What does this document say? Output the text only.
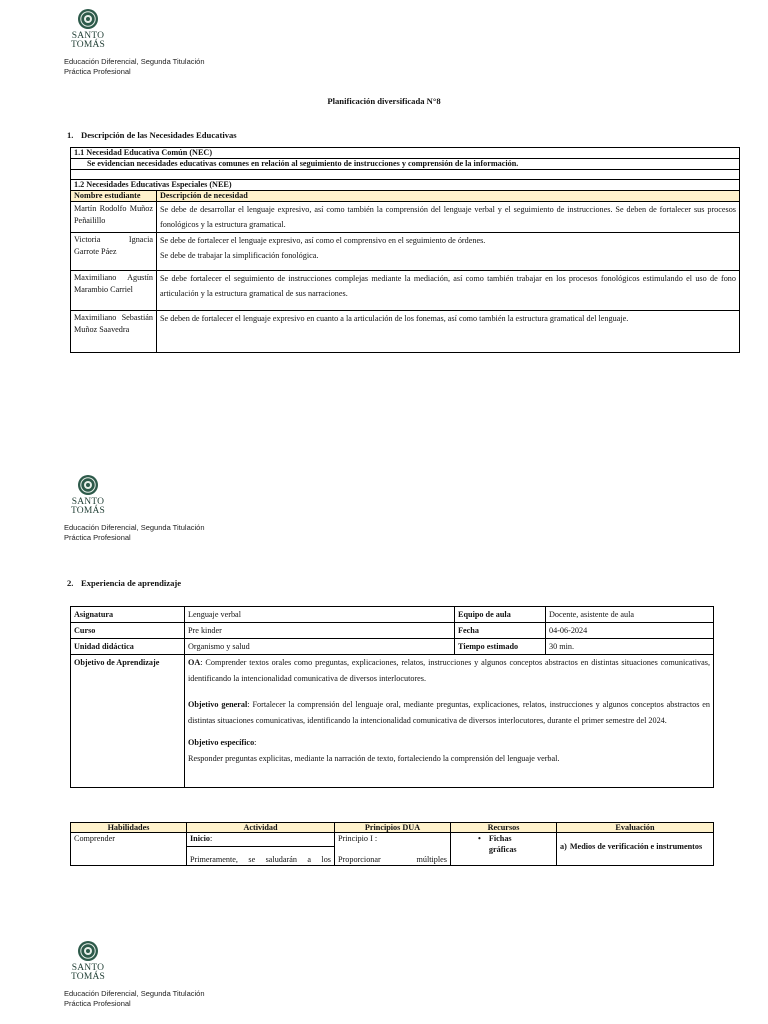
SANTO
TOMÁS
Educación Diferencial, Segunda Titulación
Práctica Profesional
Planificación diversificada N°8
1. Descripción de las Necesidades Educativas
1.1 Necesidad Educativa Común (NEC)	
Se evidencian necesidades educativas comunes en relación al seguimiento de instrucciones y comprensión de la información.	

1.2 Necesidades Educativas Especiales (NEE)	
Nombre estudiante	Descripción de necesidad
Martín Rodolfo Muñoz Peñailillo	Se debe de desarrollar el lenguaje expresivo, así como también la comprensión del lenguaje verbal y el seguimiento de instrucciones. Se deben de fortalecer sus procesos fonológicos y la estructura gramatical.
Victoria Ignacia Garrote Páez	Se debe de fortalecer el lenguaje expresivo, así como el comprensivo en el seguimiento de órdenes.
Se debe de trabajar la simplificación fonológica.

Maximiliano Agustín Marambio Carriel	Se debe fortalecer el seguimiento de instrucciones complejas mediante la mediación, así como también trabajar en los procesos fonológicos estimulando el uso de fono articulación y la estructura gramatical de sus narraciones.
Maximiliano Sebastián Muñoz Saavedra	Se deben de fortalecer el lenguaje expresivo en cuanto a la articulación de los fonemas, así como también la estructura gramatical del lenguaje.
SANTO
TOMÁS
Educación Diferencial, Segunda Titulación
Práctica Profesional
2. Experiencia de aprendizaje
Asignatura	Lenguaje verbal	Equipo de aula	Docente, asistente de aula
Curso	Pre kinder	Fecha	04-06-2024
Unidad didáctica	Organismo y salud	Tiempo estimado	30 min.
Objetivo de Aprendizaje	OA: Comprender textos orales como preguntas, explicaciones, relatos, instrucciones y algunos conceptos abstractos en distintas situaciones comunicativas, identificando la intencionalidad comunicativa de diversos interlocutores.

Objetivo general: Fortalecer la comprensión del lenguaje oral, mediante preguntas, explicaciones, relatos, instrucciones y algunos conceptos abstractos en distintas situaciones comunicativas, identificando la intencionalidad comunicativa de diversos interlocutores, durante el primer semestre del 2024.

Objetivo específico:

Responder preguntas explicitas, mediante la narración de texto, fortaleciendo la comprensión del lenguaje verbal.		

Habilidades	Actividad	Principios DUA	Recursos	Evaluación
Comprender	Inicio:	Principio I :	• Fichas gráficas	a) Medios de verificación e instrumentos

	Primeramente, se saludarán a los	Proporcionar múltiples		
SANTO
TOMÁS
Educación Diferencial, Segunda Titulación
Práctica Profesional
